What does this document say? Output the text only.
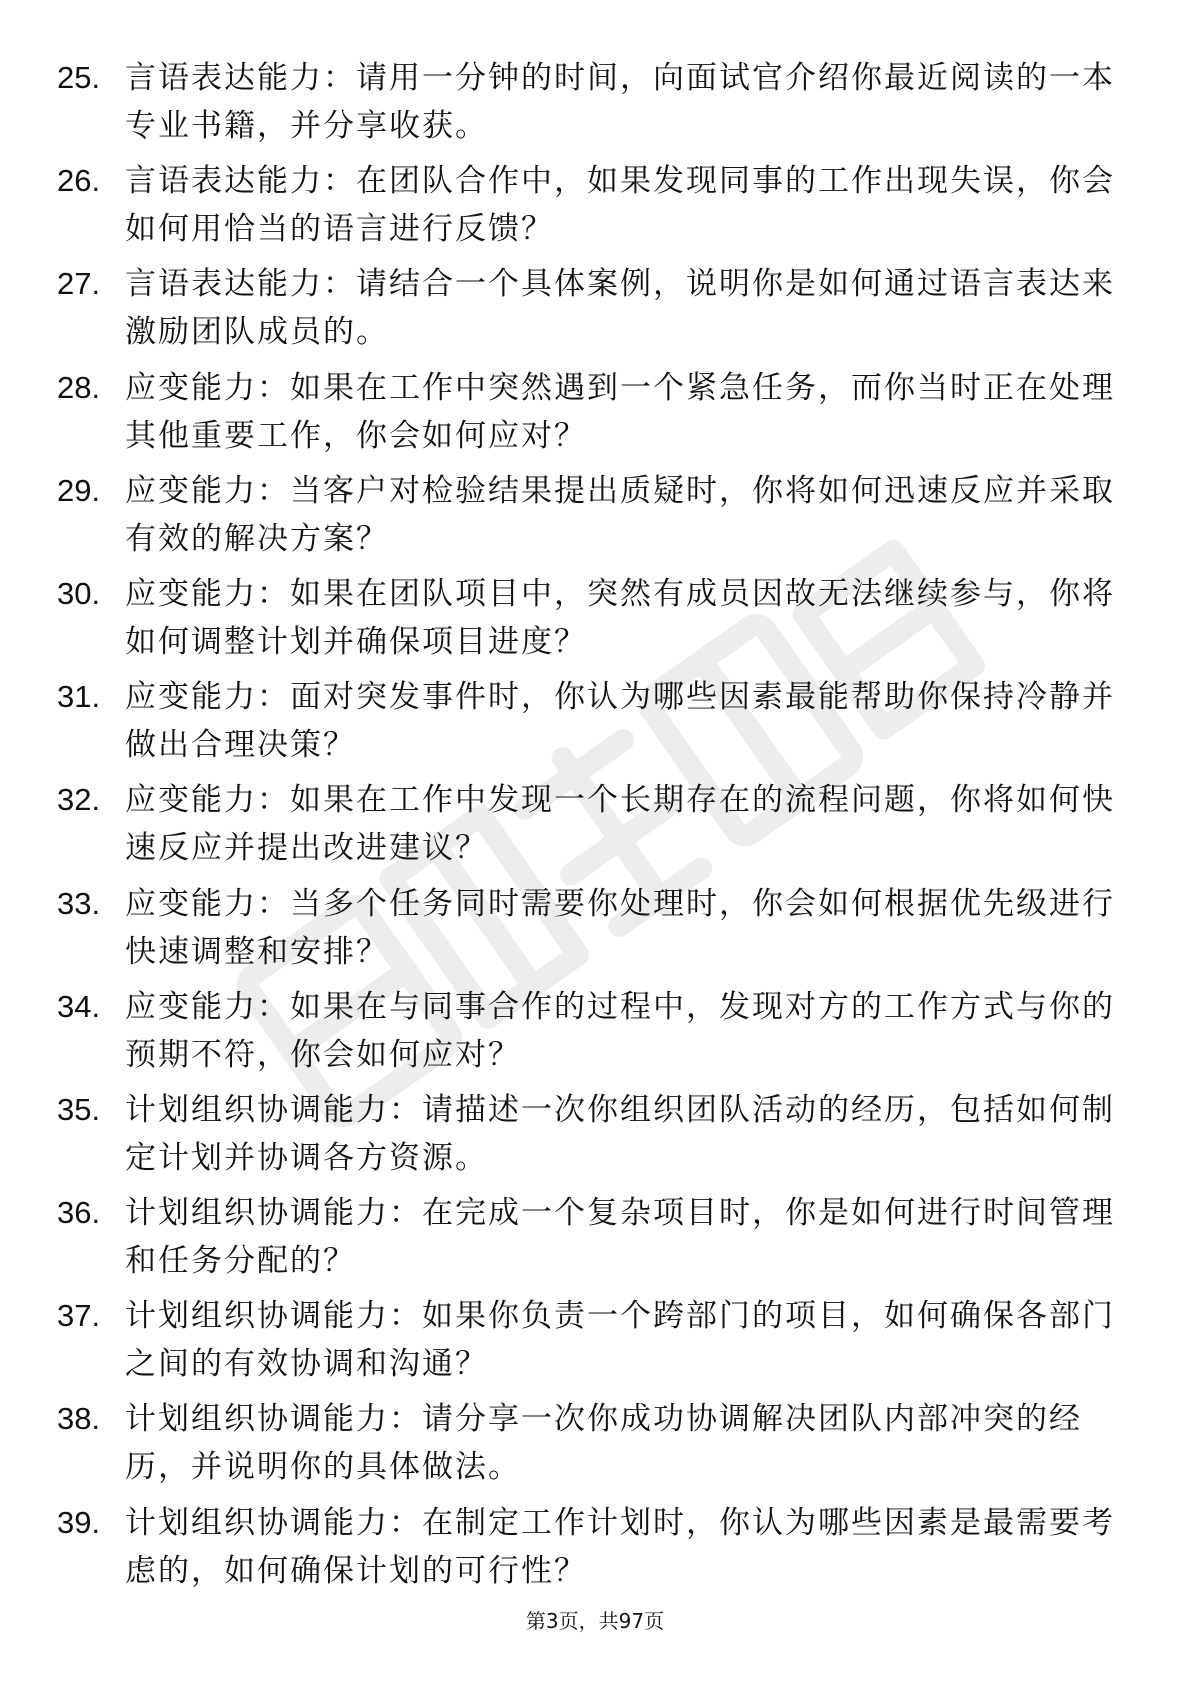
25. 言语表达能力：请用一分钟的时间，向面试官介绍你最近阅读的一本专业书籍，并分享收获。
26. 言语表达能力：在团队合作中，如果发现同事的工作出现失误，你会如何用恰当的语言进行反馈？
27. 言语表达能力：请结合一个具体案例，说明你是如何通过语言表达来激励团队成员的。
28. 应变能力：如果在工作中突然遇到一个紧急任务，而你当时正在处理其他重要工作，你会如何应对？
29. 应变能力：当客户对检验结果提出质疑时，你将如何迅速反应并采取有效的解决方案？
30. 应变能力：如果在团队项目中，突然有成员因故无法继续参与，你将如何调整计划并确保项目进度？
31. 应变能力：面对突发事件时，你认为哪些因素最能帮助你保持冷静并做出合理决策？
32. 应变能力：如果在工作中发现一个长期存在的流程问题，你将如何快速反应并提出改进建议？
33. 应变能力：当多个任务同时需要你处理时，你会如何根据优先级进行快速调整和安排？
34. 应变能力：如果在与同事合作的过程中，发现对方的工作方式与你的预期不符，你会如何应对？
35. 计划组织协调能力：请描述一次你组织团队活动的经历，包括如何制定计划并协调各方资源。
36. 计划组织协调能力：在完成一个复杂项目时，你是如何进行时间管理和任务分配的？
37. 计划组织协调能力：如果你负责一个跨部门的项目，如何确保各部门之间的有效协调和沟通？
38. 计划组织协调能力：请分享一次你成功协调解决团队内部冲突的经历，并说明你的具体做法。
39. 计划组织协调能力：在制定工作计划时，你认为哪些因素是最需要考虑的，如何确保计划的可行性？
第3页，共97页
